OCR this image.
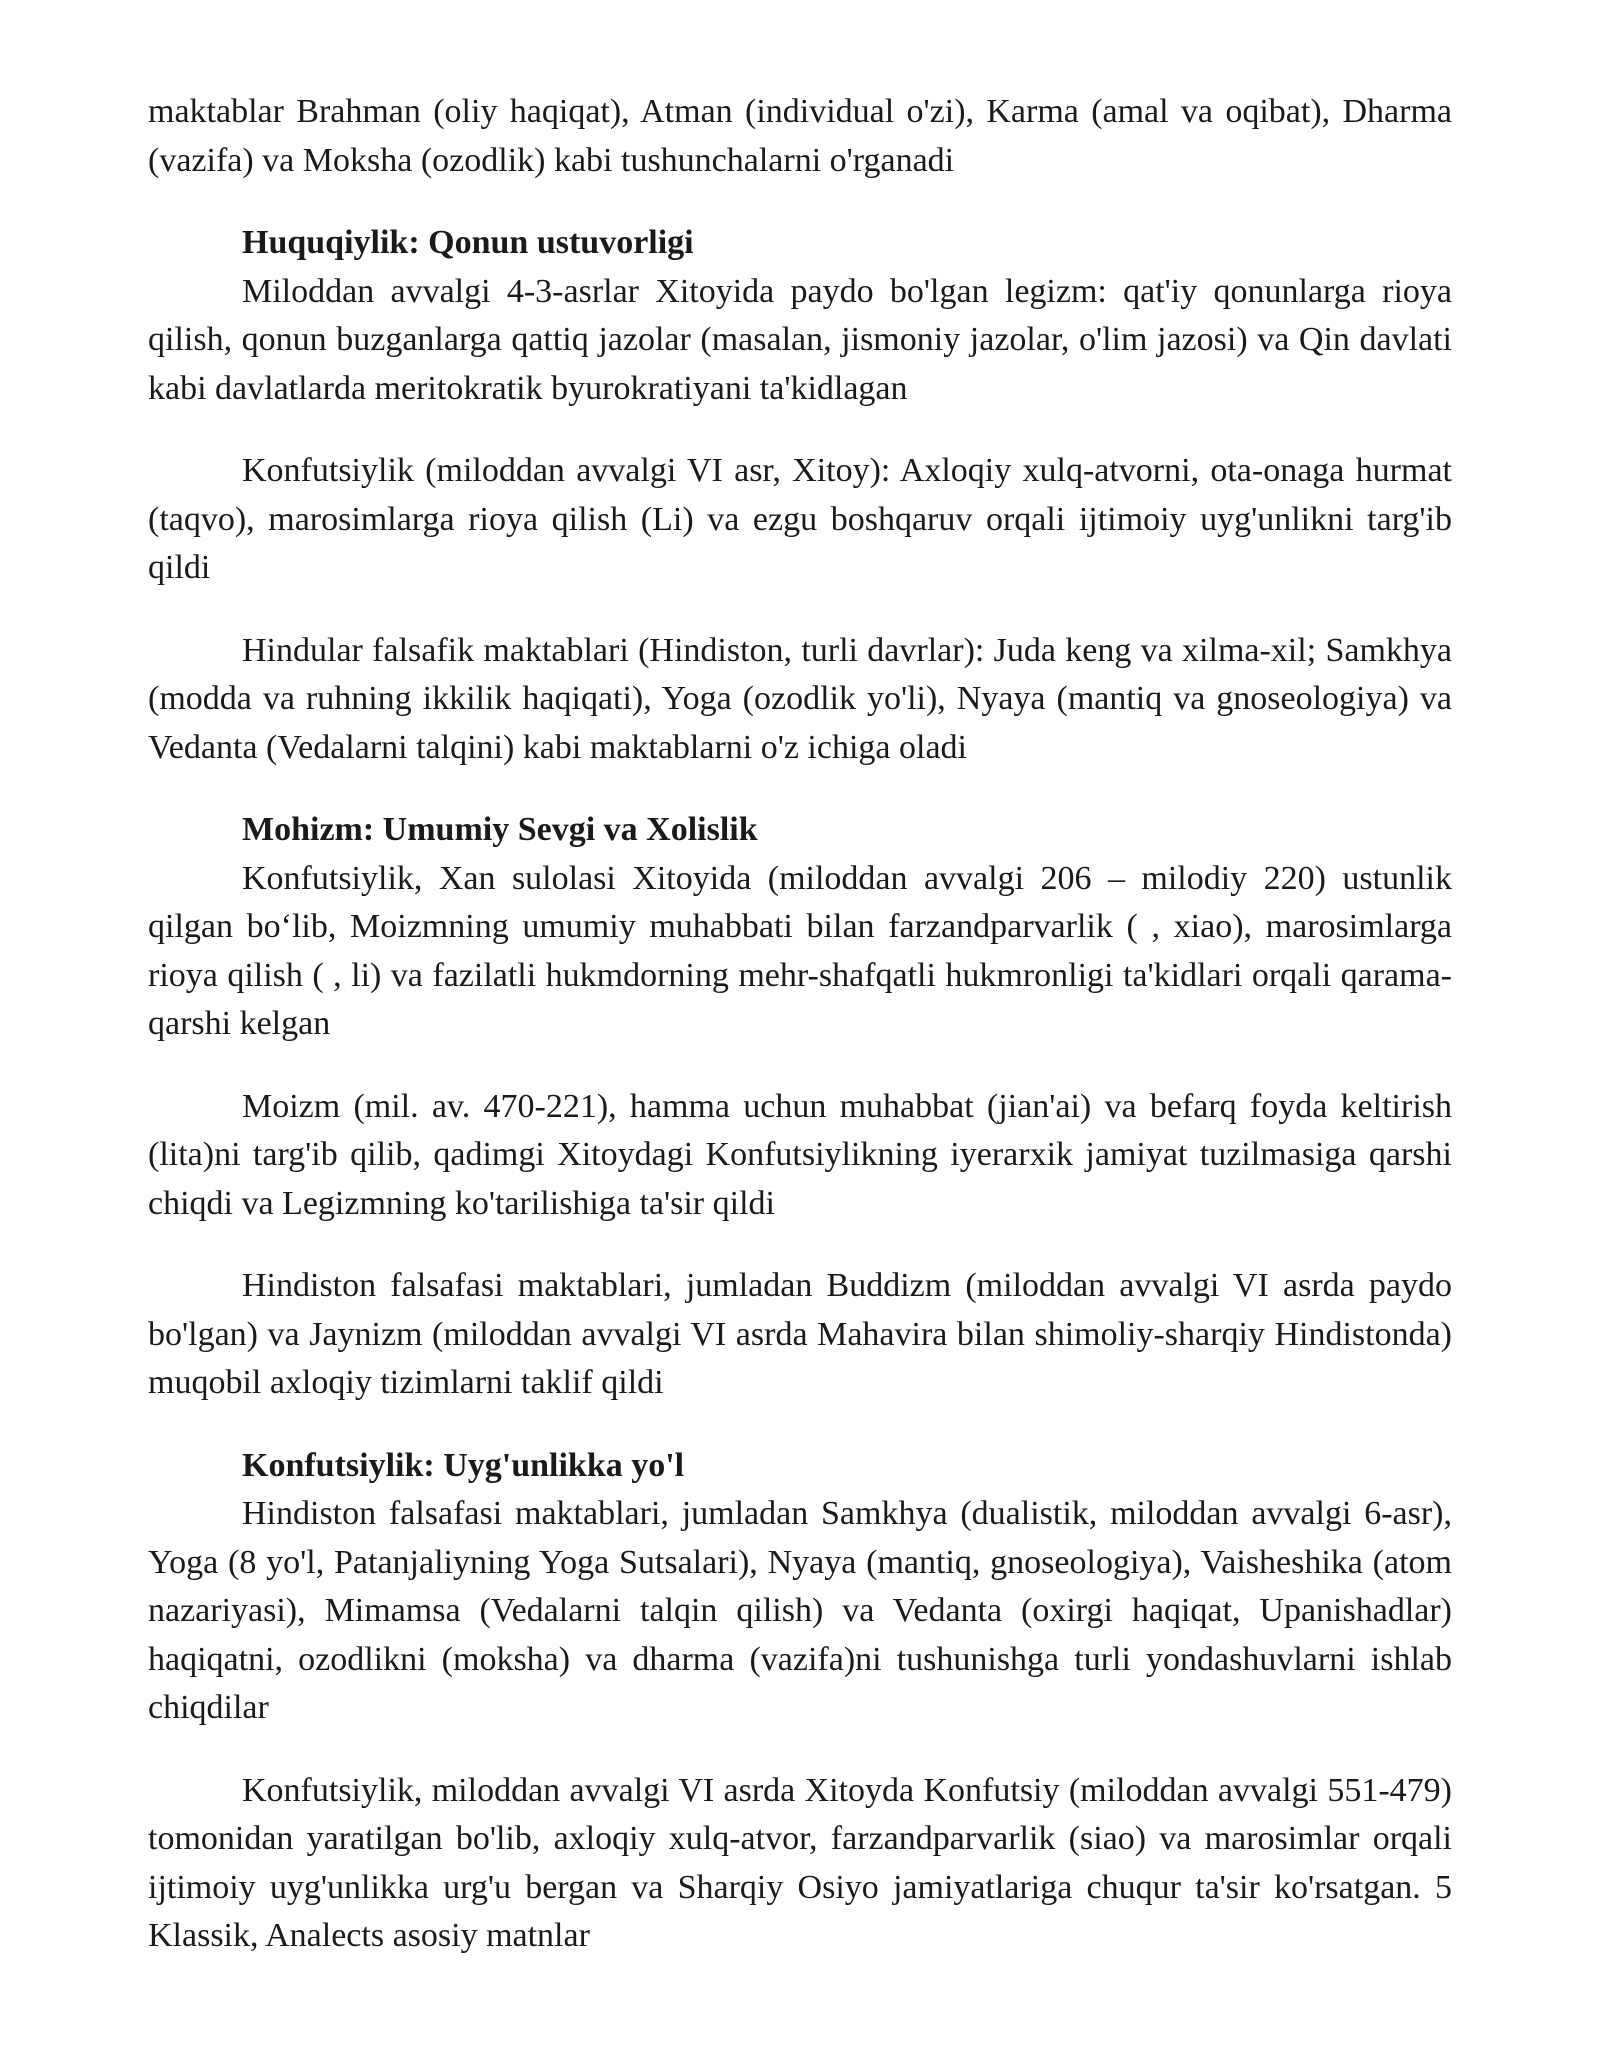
maktablar Brahman (oliy haqiqat), Atman (individual o'zi), Karma (amal va oqibat), Dharma (vazifa) va Moksha (ozodlik) kabi tushunchalarni o'rganadi

Huquqiylik: Qonun ustuvorligi

Miloddan avvalgi 4-3-asrlar Xitoyida paydo bo'lgan legizm: qat'iy qonunlarga rioya qilish, qonun buzganlarga qattiq jazolar (masalan, jismoniy jazolar, o'lim jazosi) va Qin davlati kabi davlatlarda meritokratik byurokratiyani ta'kidlagan

Konfutsiylik (miloddan avvalgi VI asr, Xitoy): Axloqiy xulq-atvorni, ota-onaga hurmat (taqvo), marosimlarga rioya qilish (Li) va ezgu boshqaruv orqali ijtimoiy uyg'unlikni targ'ib qildi

Hindular falsafik maktablari (Hindiston, turli davrlar): Juda keng va xilma-xil; Samkhya (modda va ruhning ikkilik haqiqati), Yoga (ozodlik yo'li), Nyaya (mantiq va gnoseologiya) va Vedanta (Vedalarni talqini) kabi maktablarni o'z ichiga oladi

Mohizm: Umumiy Sevgi va Xolislik

Konfutsiylik, Xan sulolasi Xitoyida (miloddan avvalgi 206 – milodiy 220) ustunlik qilgan bo‘lib, Moizmning umumiy muhabbati bilan farzandparvarlik ( , xiao), marosimlarga rioya qilish ( , li) va fazilatli hukmdorning mehr-shafqatli hukmronligi ta'kidlari orqali qarama-qarshi kelgan

Moizm (mil. av. 470-221), hamma uchun muhabbat (jian'ai) va befarq foyda keltirish (lita)ni targ'ib qilib, qadimgi Xitoydagi Konfutsiylikning iyerarxik jamiyat tuzilmasiga qarshi chiqdi va Legizmning ko'tarilishiga ta'sir qildi

Hindiston falsafasi maktablari, jumladan Buddizm (miloddan avvalgi VI asrda paydo bo'lgan) va Jaynizm (miloddan avvalgi VI asrda Mahavira bilan shimoliy-sharqiy Hindistonda) muqobil axloqiy tizimlarni taklif qildi

Konfutsiylik: Uyg'unlikka yo'l

Hindiston falsafasi maktablari, jumladan Samkhya (dualistik, miloddan avvalgi 6-asr), Yoga (8 yo'l, Patanjaliyning Yoga Sutsalari), Nyaya (mantiq, gnoseologiya), Vaisheshika (atom nazariyasi), Mimamsa (Vedalarni talqin qilish) va Vedanta (oxirgi haqiqat, Upanishadlar) haqiqatni, ozodlikni (moksha) va dharma (vazifa)ni tushunishga turli yondashuvlarni ishlab chiqdilar

Konfutsiylik, miloddan avvalgi VI asrda Xitoyda Konfutsiy (miloddan avvalgi 551-479) tomonidan yaratilgan bo'lib, axloqiy xulq-atvor, farzandparvarlik (siao) va marosimlar orqali ijtimoiy uyg'unlikka urg'u bergan va Sharqiy Osiyo jamiyatlariga chuqur ta'sir ko'rsatgan. 5 Klassik, Analects asosiy matnlar
